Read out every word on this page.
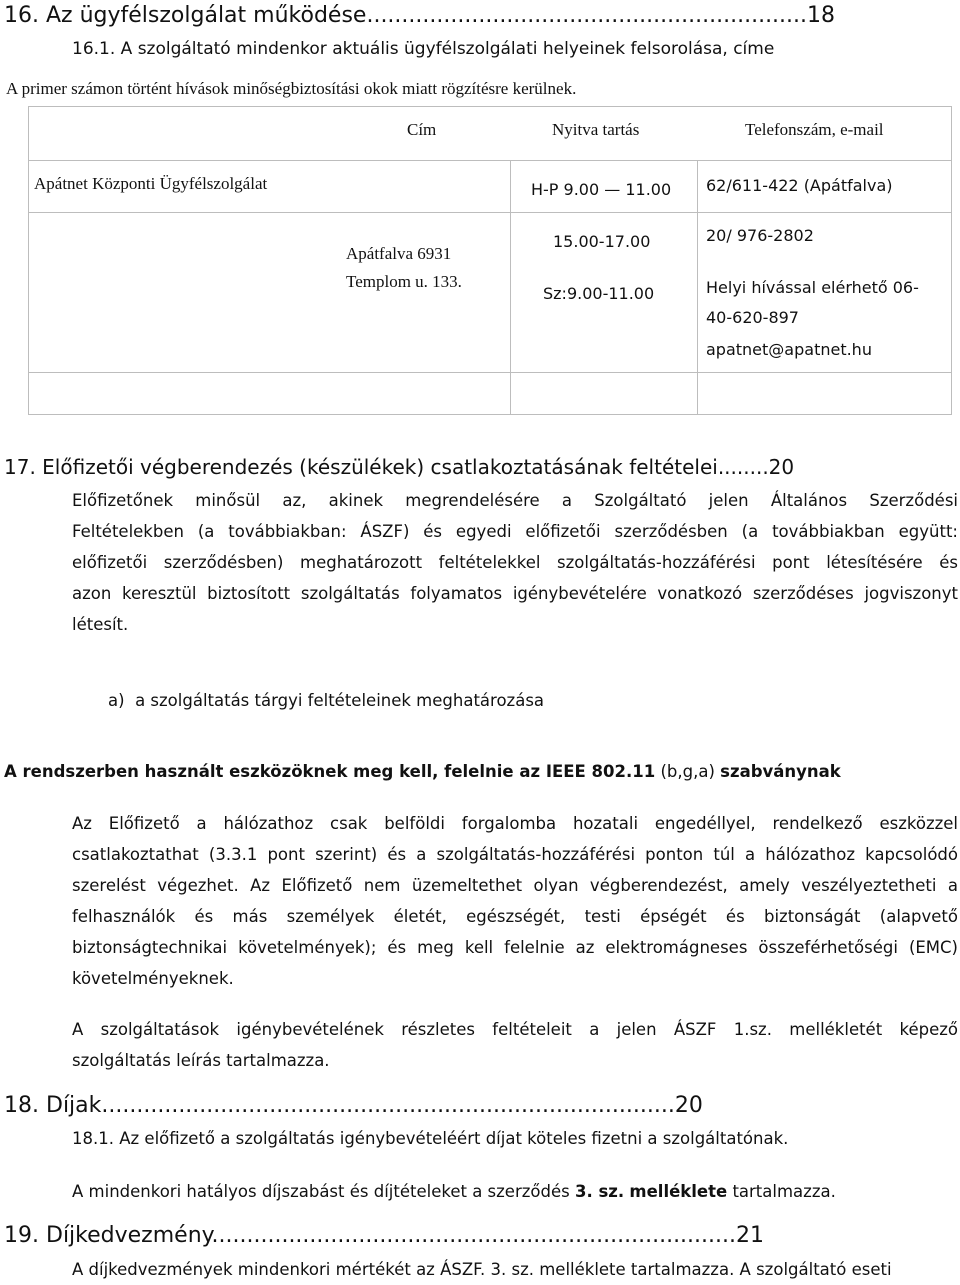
16. Az ügyfélszolgálat működése...............................................................18
16.1. A szolgáltató mindenkor aktuális ügyfélszolgálati helyeinek felsorolása, címe
A primer számon történt hívások minőségbiztosítási okok miatt rögzítésre kerülnek.
Cím	Nyitva tartás	Telefonszám, e-mail
Apátnet Központi Ügyfélszolgálat
Apátfalva 6931
Templom u. 133.
H-P 9.00 — 11.00
15.00-17.00
Sz:9.00-11.00
62/611-422 (Apátfalva)
20/ 976-2802
Helyi hívással elérhető 06-
40-620-897
apatnet@apatnet.hu
17. Előfizetői végberendezés (készülékek) csatlakoztatásának feltételei........20
Előfizetőnek minősül az, akinek megrendelésére a Szolgáltató jelen Általános Szerződési
Feltételekben (a továbbiakban: ÁSZF) és egyedi előfizetői szerződésben (a továbbiakban együtt:
előfizetői szerződésben) meghatározott feltételekkel szolgáltatás-hozzáférési pont létesítésére és
azon keresztül biztosított szolgáltatás folyamatos igénybevételére vonatkozó szerződéses jogviszonyt
létesít.
a) a szolgáltatás tárgyi feltételeinek meghatározása
A rendszerben használt eszközöknek meg kell, felelnie az IEEE 802.11 (b,g,a) szabványnak
Az Előfizető a hálózathoz csak belföldi forgalomba hozatali engedéllyel, rendelkező eszközzel
csatlakoztathat (3.3.1 pont szerint) és a szolgáltatás-hozzáférési ponton túl a hálózathoz kapcsolódó
szerelést végezhet. Az Előfizető nem üzemeltethet olyan végberendezést, amely veszélyeztetheti a
felhasználók és más személyek életét, egészségét, testi épségét és biztonságát (alapvető
biztonságtechnikai követelmények); és meg kell felelnie az elektromágneses összeférhetőségi (EMC)
követelményeknek.
A szolgáltatások igénybevételének részletes feltételeit a jelen ÁSZF 1.sz. mellékletét képező
szolgáltatás leírás tartalmazza.
18. Díjak..................................................................................20
18.1. Az előfizető a szolgáltatás igénybevételéért díjat köteles fizetni a szolgáltatónak.
A mindenkori hatályos díjszabást és díjtételeket a szerződés 3. sz. melléklete tartalmazza.
19. Díjkedvezmény...........................................................................21
A díjkedvezmények mindenkori mértékét az ÁSZF. 3. sz. melléklete tartalmazza. A szolgáltató eseti
